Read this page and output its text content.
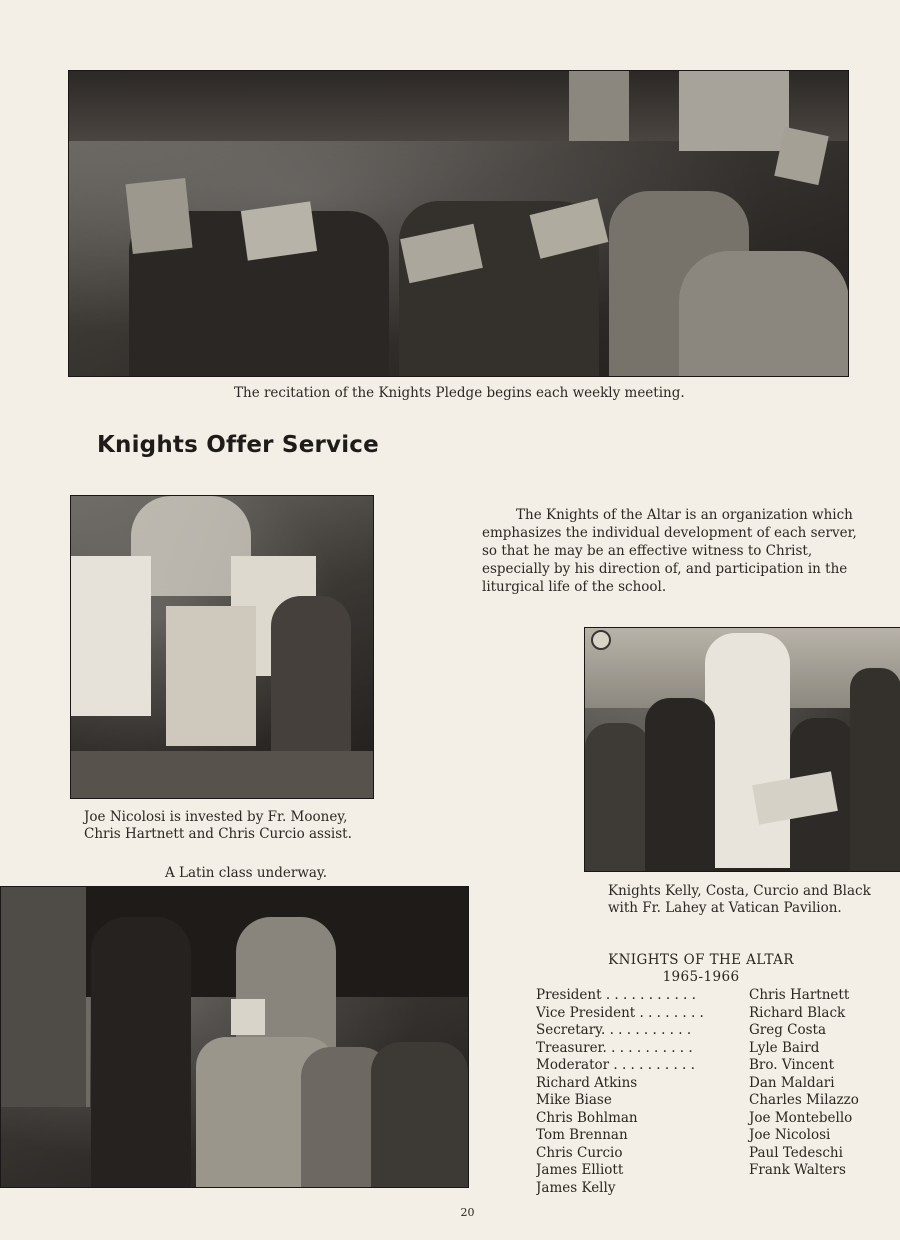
The recitation of the Knights Pledge begins each weekly meeting.
Knights Offer Service
Joe Nicolosi is invested by Fr. Mooney,
Chris Hartnett and Chris Curcio assist.
The Knights of the Altar is an organization which emphasizes the individual development of each server, so that he may be an effective witness to Christ, especially by his direction of, and participation in the liturgical life of the school.
Knights Kelly, Costa, Curcio and Black
with Fr. Lahey at Vatican Pavilion.
A Latin class underway.
KNIGHTS OF THE ALTAR
1965-1966
President . . . . . . . . . . .	Chris Hartnett
Vice President . . . . . . . .	Richard Black
Secretary. . . . . . . . . . .	Greg Costa
Treasurer. . . . . . . . . . .	Lyle Baird
Moderator . . . . . . . . . .	Bro. Vincent
Richard Atkins	Dan Maldari
Mike Biase	Charles Milazzo
Chris Bohlman	Joe Montebello
Tom Brennan	Joe Nicolosi
Chris Curcio	Paul Tedeschi
James Elliott	Frank Walters
James Kelly
20
